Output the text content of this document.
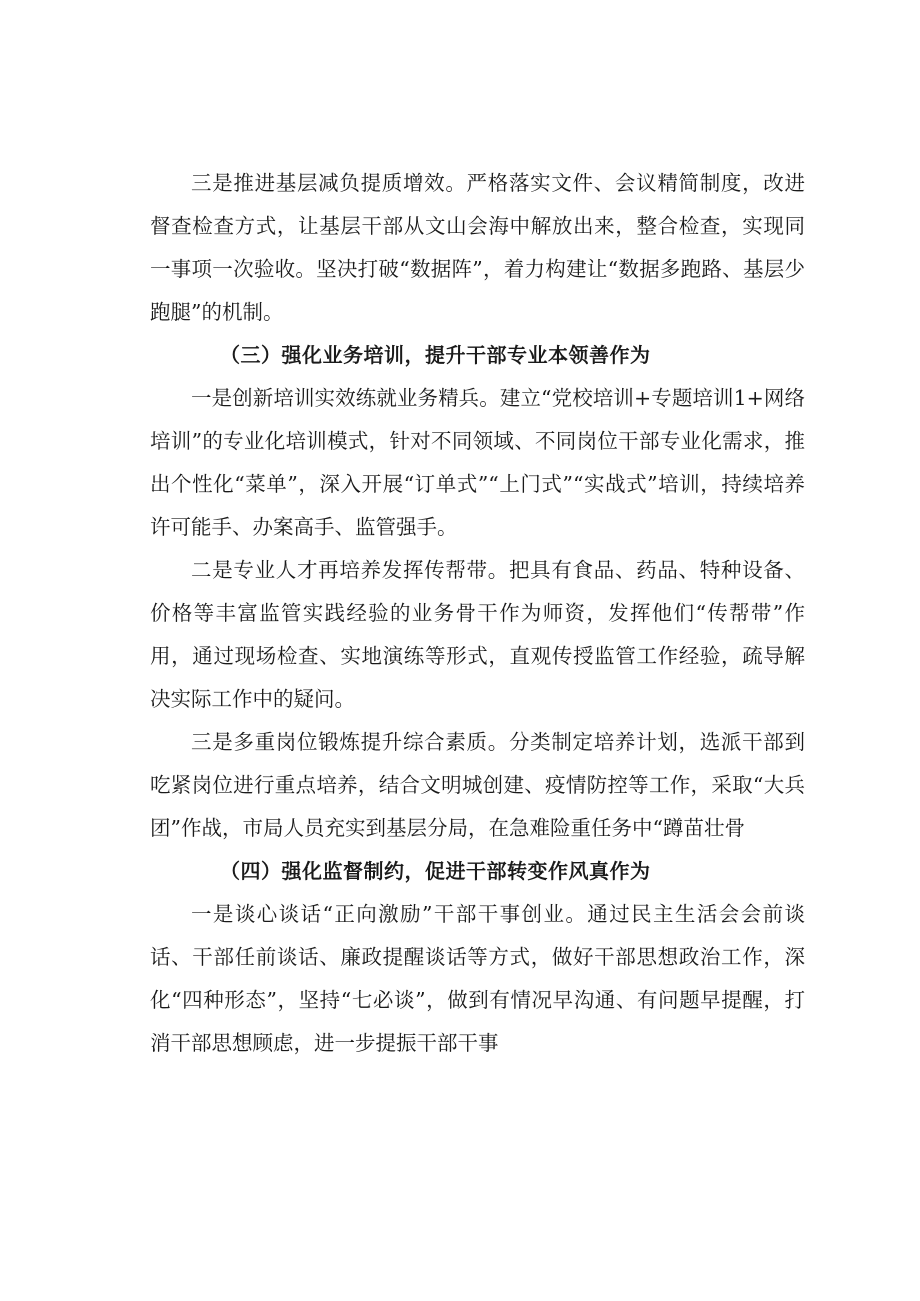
三是推进基层减负提质增效。严格落实文件、会议精简制度，改进督查检查方式，让基层干部从文山会海中解放出来，整合检查，实现同一事项一次验收。坚决打破“数据阵”，着力构建让“数据多跑路、基层少跑腿”的机制。

（三）强化业务培训，提升干部专业本领善作为

一是创新培训实效练就业务精兵。建立“党校培训+专题培训1+网络培训”的专业化培训模式，针对不同领域、不同岗位干部专业化需求，推出个性化“菜单”，深入开展“订单式”“上门式”“实战式”培训，持续培养许可能手、办案高手、监管强手。

二是专业人才再培养发挥传帮带。把具有食品、药品、特种设备、价格等丰富监管实践经验的业务骨干作为师资，发挥他们“传帮带”作用，通过现场检查、实地演练等形式，直观传授监管工作经验，疏导解决实际工作中的疑问。

三是多重岗位锻炼提升综合素质。分类制定培养计划，选派干部到吃紧岗位进行重点培养，结合文明城创建、疫情防控等工作，采取“大兵团”作战，市局人员充实到基层分局，在急难险重任务中“蹲苗壮骨

（四）强化监督制约，促进干部转变作风真作为

一是谈心谈话“正向激励”干部干事创业。通过民主生活会会前谈话、干部任前谈话、廉政提醒谈话等方式，做好干部思想政治工作，深化“四种形态”，坚持“七必谈”，做到有情况早沟通、有问题早提醒，打消干部思想顾虑，进一步提振干部干事
